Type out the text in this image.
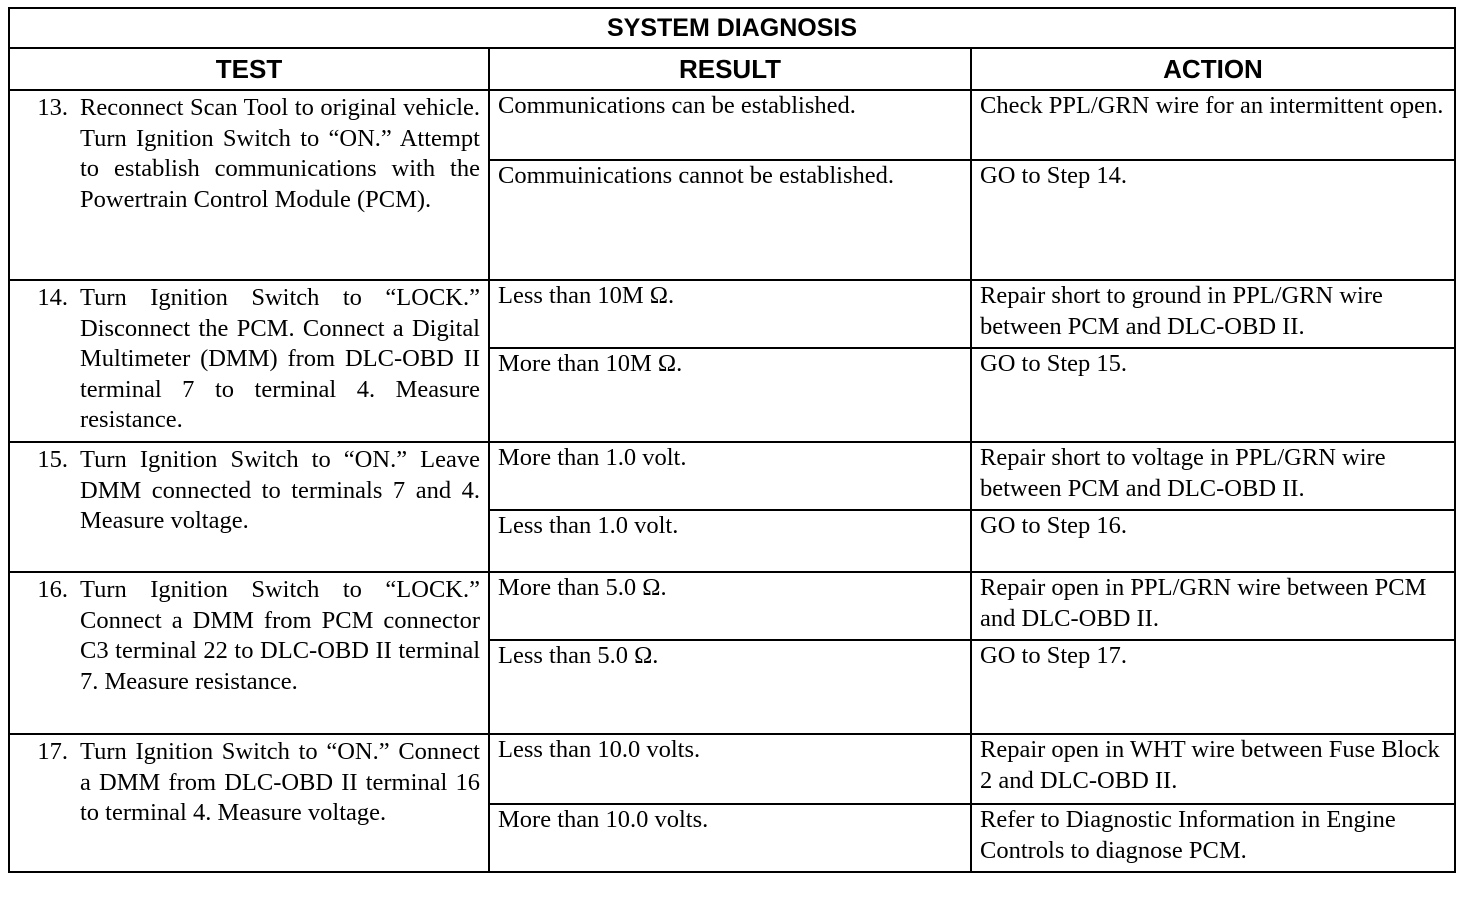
SYSTEM DIAGNOSIS		
TEST	RESULT	ACTION

13. Reconnect Scan Tool to original vehicle. Turn Ignition Switch to “ON.” Attempt to establish communications with the Powertrain Control Module (PCM).	Communications can be established.	Check PPL/GRN wire for an intermittent open.
	Commuinications cannot be established.	GO to Step 14.

14. Turn Ignition Switch to “LOCK.” Disconnect the PCM. Connect a Digital Multimeter (DMM) from DLC-OBD II terminal 7 to terminal 4. Measure resistance.	Less than 10M Ω.	Repair short to ground in PPL/GRN wire between PCM and DLC-OBD II.
	More than 10M Ω.	GO to Step 15.

15. Turn Ignition Switch to “ON.” Leave DMM connected to terminals 7 and 4. Measure voltage.	More than 1.0 volt.	Repair short to voltage in PPL/GRN wire between PCM and DLC-OBD II.
	Less than 1.0 volt.	GO to Step 16.

16. Turn Ignition Switch to “LOCK.” Connect a DMM from PCM connector C3 terminal 22 to DLC-OBD II terminal 7. Measure resistance.	More than 5.0 Ω.	Repair open in PPL/GRN wire between PCM and DLC-OBD II.
	Less than 5.0 Ω.	GO to Step 17.

17. Turn Ignition Switch to “ON.” Connect a DMM from DLC-OBD II terminal 16 to terminal 4. Measure voltage.	Less than 10.0 volts.	Repair open in WHT wire between Fuse Block 2 and DLC-OBD II.
	More than 10.0 volts.	Refer to Diagnostic Information in Engine Controls to diagnose PCM.
